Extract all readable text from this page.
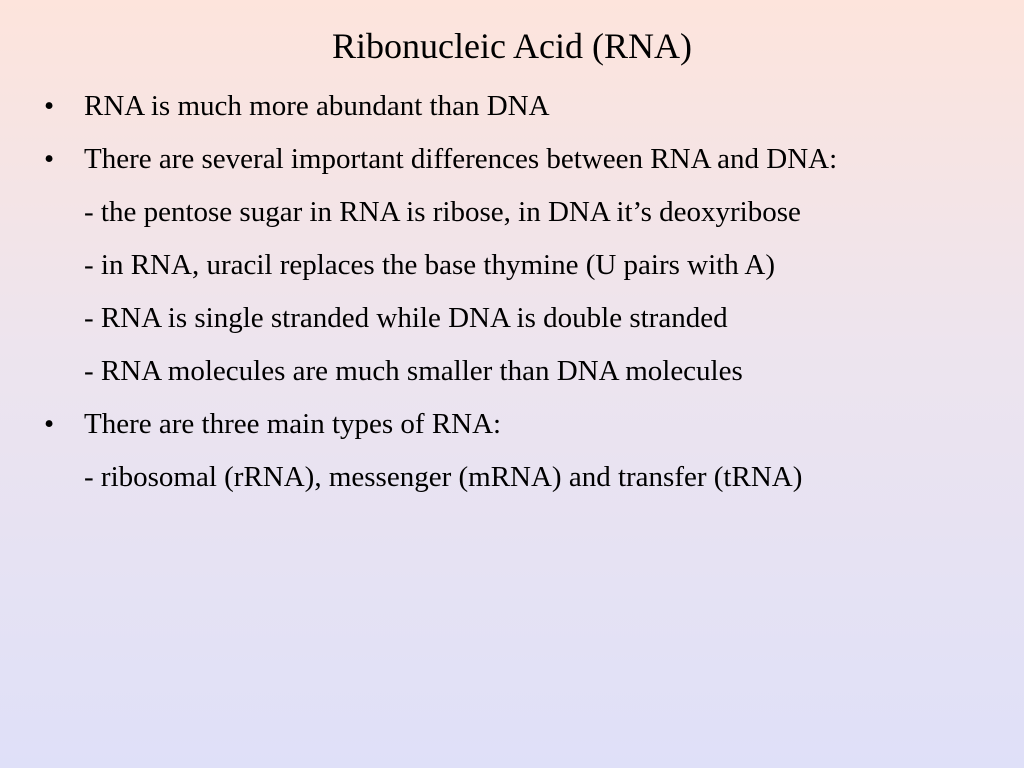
Ribonucleic Acid (RNA)
• RNA is much more abundant than DNA
• There are several important differences between RNA and DNA:
- the pentose sugar in RNA is ribose, in DNA it’s deoxyribose
- in RNA, uracil replaces the base thymine (U pairs with A)
- RNA is single stranded while DNA is double stranded
- RNA molecules are much smaller than DNA molecules
• There are three main types of RNA:
- ribosomal (rRNA), messenger (mRNA) and transfer (tRNA)
